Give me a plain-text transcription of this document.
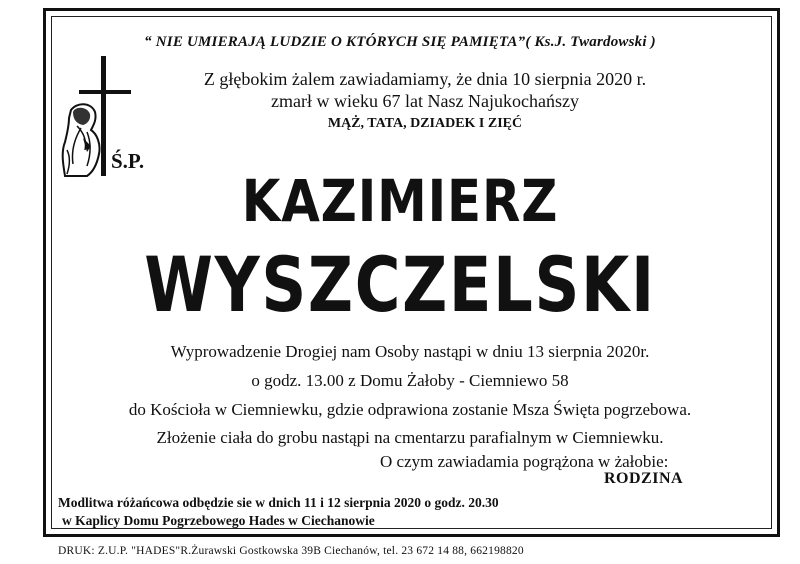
“ NIE UMIERAJĄ LUDZIE O KTÓRYCH SIĘ PAMIĘTA”( Ks.J. Twardowski )
Z głębokim żalem zawiadamiamy, że dnia 10 sierpnia 2020 r.
zmarł w wieku 67 lat Nasz Najukochańszy
MĄŻ, TATA, DZIADEK I ZIĘĆ
Ś.P.
KAZIMIERZ
WYSZCZELSKI
Wyprowadzenie Drogiej nam Osoby nastąpi w dniu 13 sierpnia 2020r.
o godz. 13.00 z Domu Żałoby - Ciemniewo 58
do Kościoła w Ciemniewku, gdzie odprawiona zostanie Msza Święta pogrzebowa.
Złożenie ciała do grobu nastąpi na cmentarzu parafialnym w Ciemniewku.
O czym zawiadamia pogrążona w żałobie:
RODZINA
Modlitwa różańcowa odbędzie sie w dnich 11 i 12 sierpnia 2020 o godz. 20.30
w Kaplicy Domu Pogrzebowego Hades w Ciechanowie
DRUK: Z.U.P. "HADES"R.Żurawski Gostkowska 39B Ciechanów, tel. 23 672 14 88, 662198820
